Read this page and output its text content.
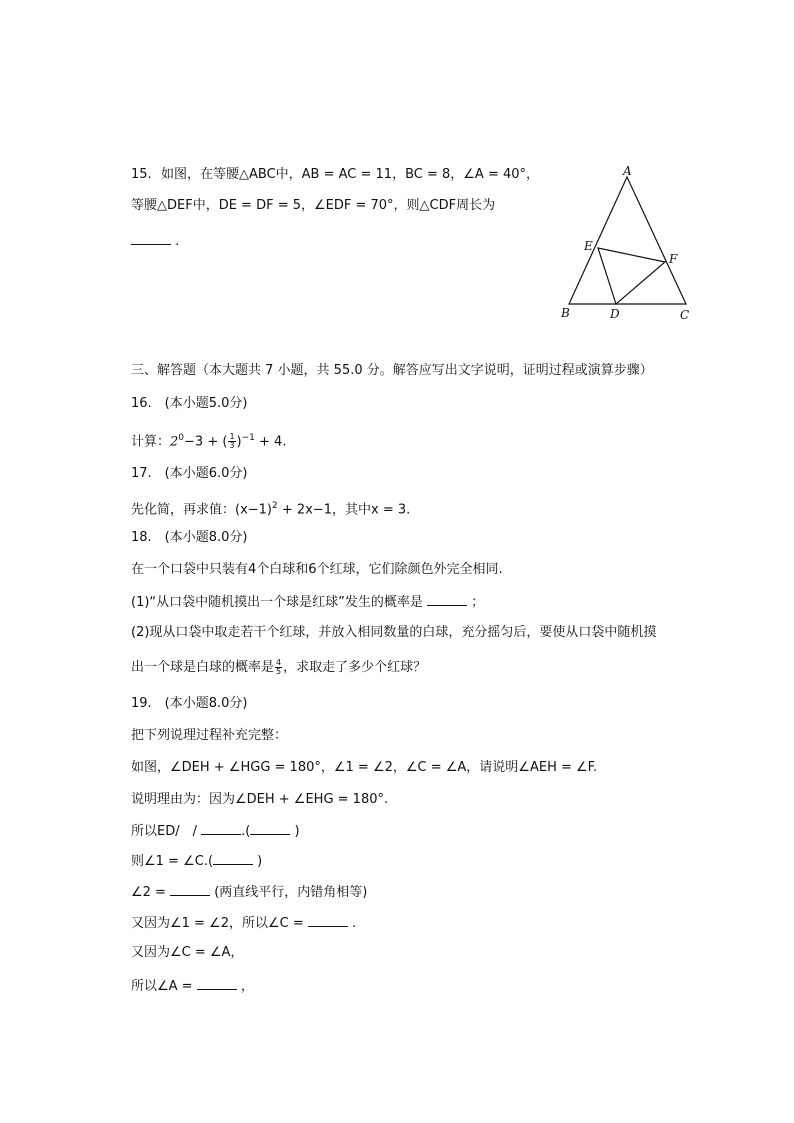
15. 如图，在等腰△ABC中，AB = AC = 11，BC = 8，∠A = 40°，
等腰△DEF中，DE = DF = 5，∠EDF = 70°，则△CDF周长为
.
A
B	C
D
E
F
三、解答题（本大题共 7 小题，共 55.0 分。解答应写出文字说明，证明过程或演算步骤）
16.　(本小题5.0分)
计算：$2^0-3$ + ( $\frac{1}{3} )^{-1} + 4$.
17.　(本小题6.0分)
先化简，再求值：$(x-1)^2 + 2x-1$，其中x = 3.
18.　(本小题8.0分)
在一个口袋中只装有4个白球和6个红球，它们除颜色外完全相同.
(1)“从口袋中随机摸出一个球是红球”发生的概率是	；
(2)现从口袋中取走若干个红球，并放入相同数量的白球，充分摇匀后，要使从口袋中随机摸
出一个球是白球的概率是 $\frac{4}{5}$ ，求取走了多少个红球？
19.　(本小题8.0分)
把下列说理过程补充完整：
如图，∠DEH + ∠HGG = 180°，∠1 = ∠2，∠C = ∠A，请说明∠AEH = ∠F.
说明理由为：因为∠DEH + ∠EHG = 180°.
所以ED/　/	.(	)
则∠1 = ∠C.(	)
∠2 =	(两直线平行，内错角相等)
又因为∠1 = ∠2，所以∠C =	.
又因为∠C = ∠A，
所以∠A =	，
